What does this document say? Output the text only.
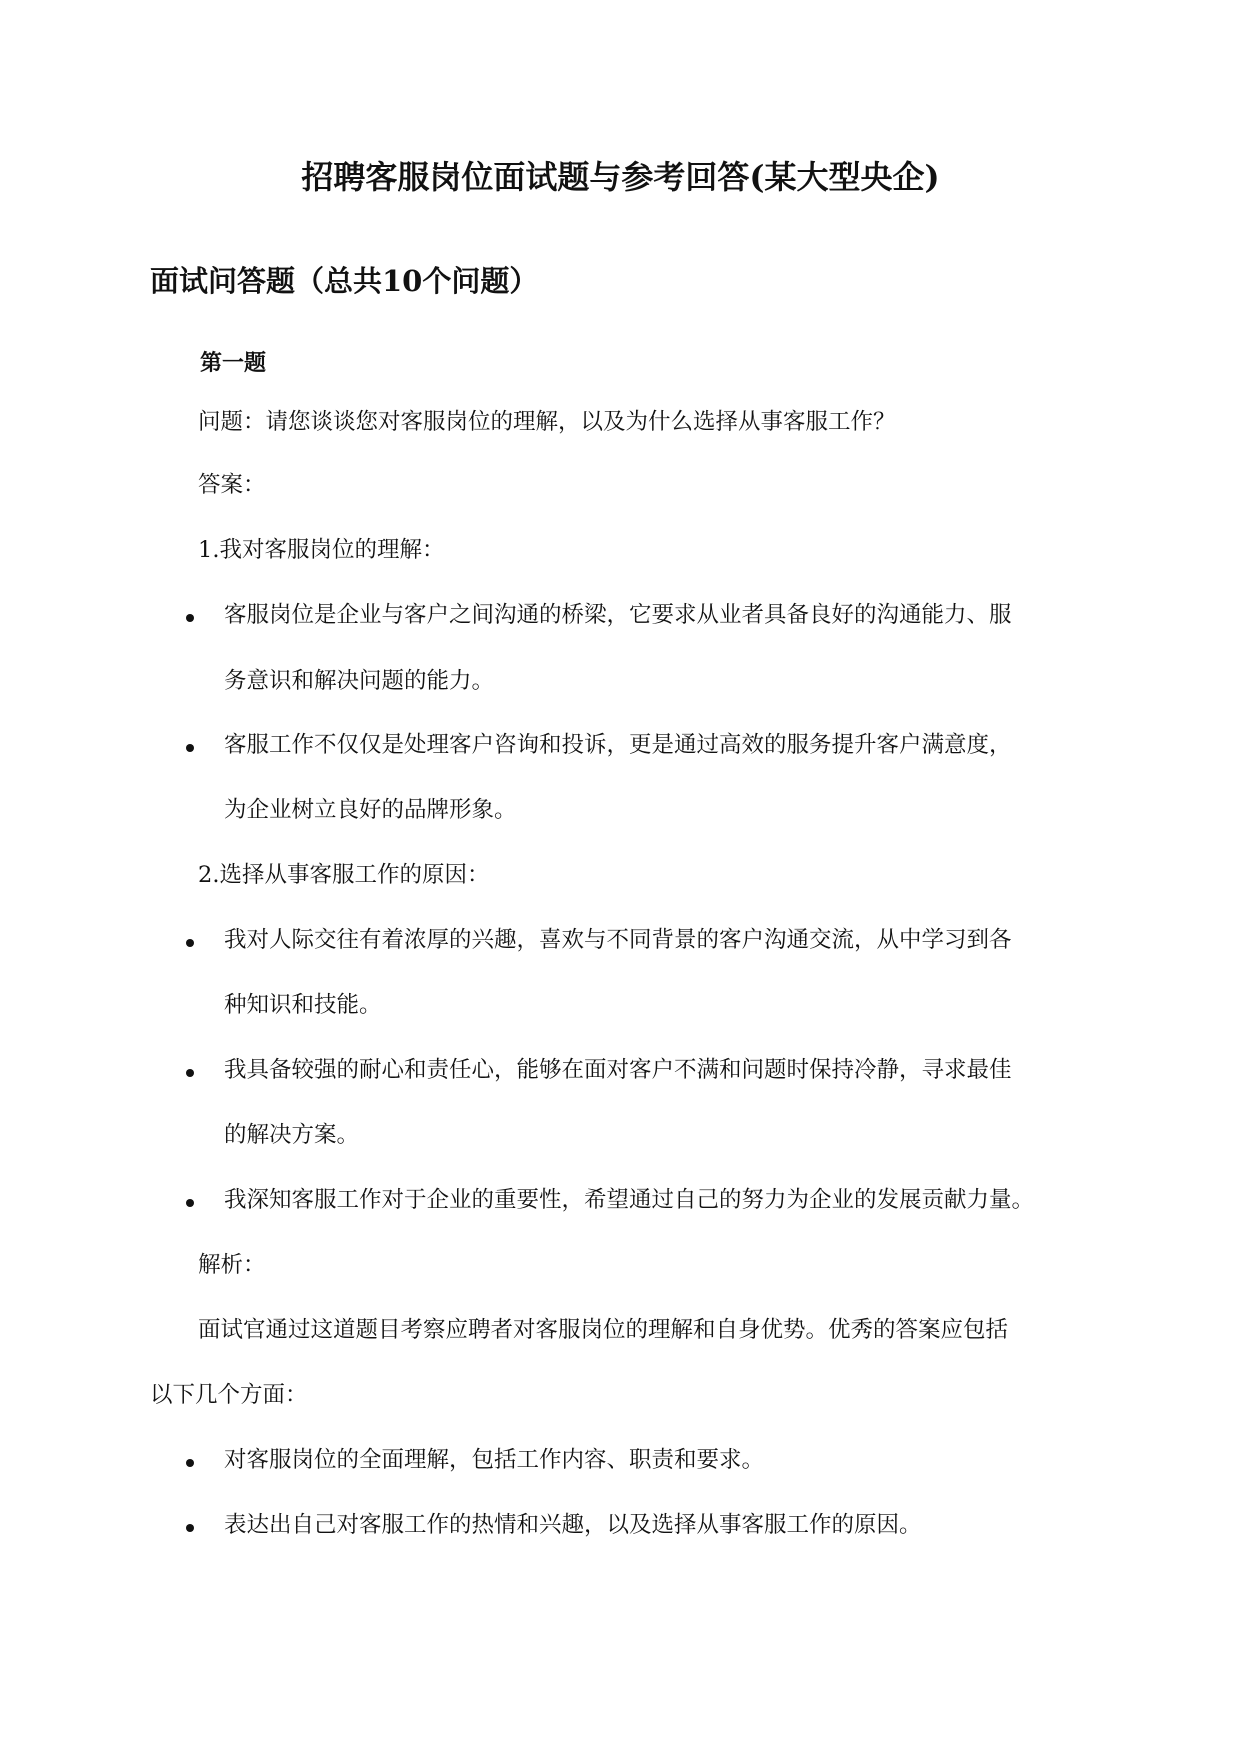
招聘客服岗位面试题与参考回答(某大型央企)
面试问答题（总共10个问题）
第一题

问题：请您谈谈您对客服岗位的理解，以及为什么选择从事客服工作？

答案：

1.我对客服岗位的理解：

客服岗位是企业与客户之间沟通的桥梁，它要求从业者具备良好的沟通能力、服

务意识和解决问题的能力。

客服工作不仅仅是处理客户咨询和投诉，更是通过高效的服务提升客户满意度，

为企业树立良好的品牌形象。

2.选择从事客服工作的原因：

我对人际交往有着浓厚的兴趣，喜欢与不同背景的客户沟通交流，从中学习到各

种知识和技能。

我具备较强的耐心和责任心，能够在面对客户不满和问题时保持冷静，寻求最佳

的解决方案。

我深知客服工作对于企业的重要性，希望通过自己的努力为企业的发展贡献力量。

解析：

面试官通过这道题目考察应聘者对客服岗位的理解和自身优势。优秀的答案应包括

以下几个方面：

对客服岗位的全面理解，包括工作内容、职责和要求。

表达出自己对客服工作的热情和兴趣，以及选择从事客服工作的原因。
